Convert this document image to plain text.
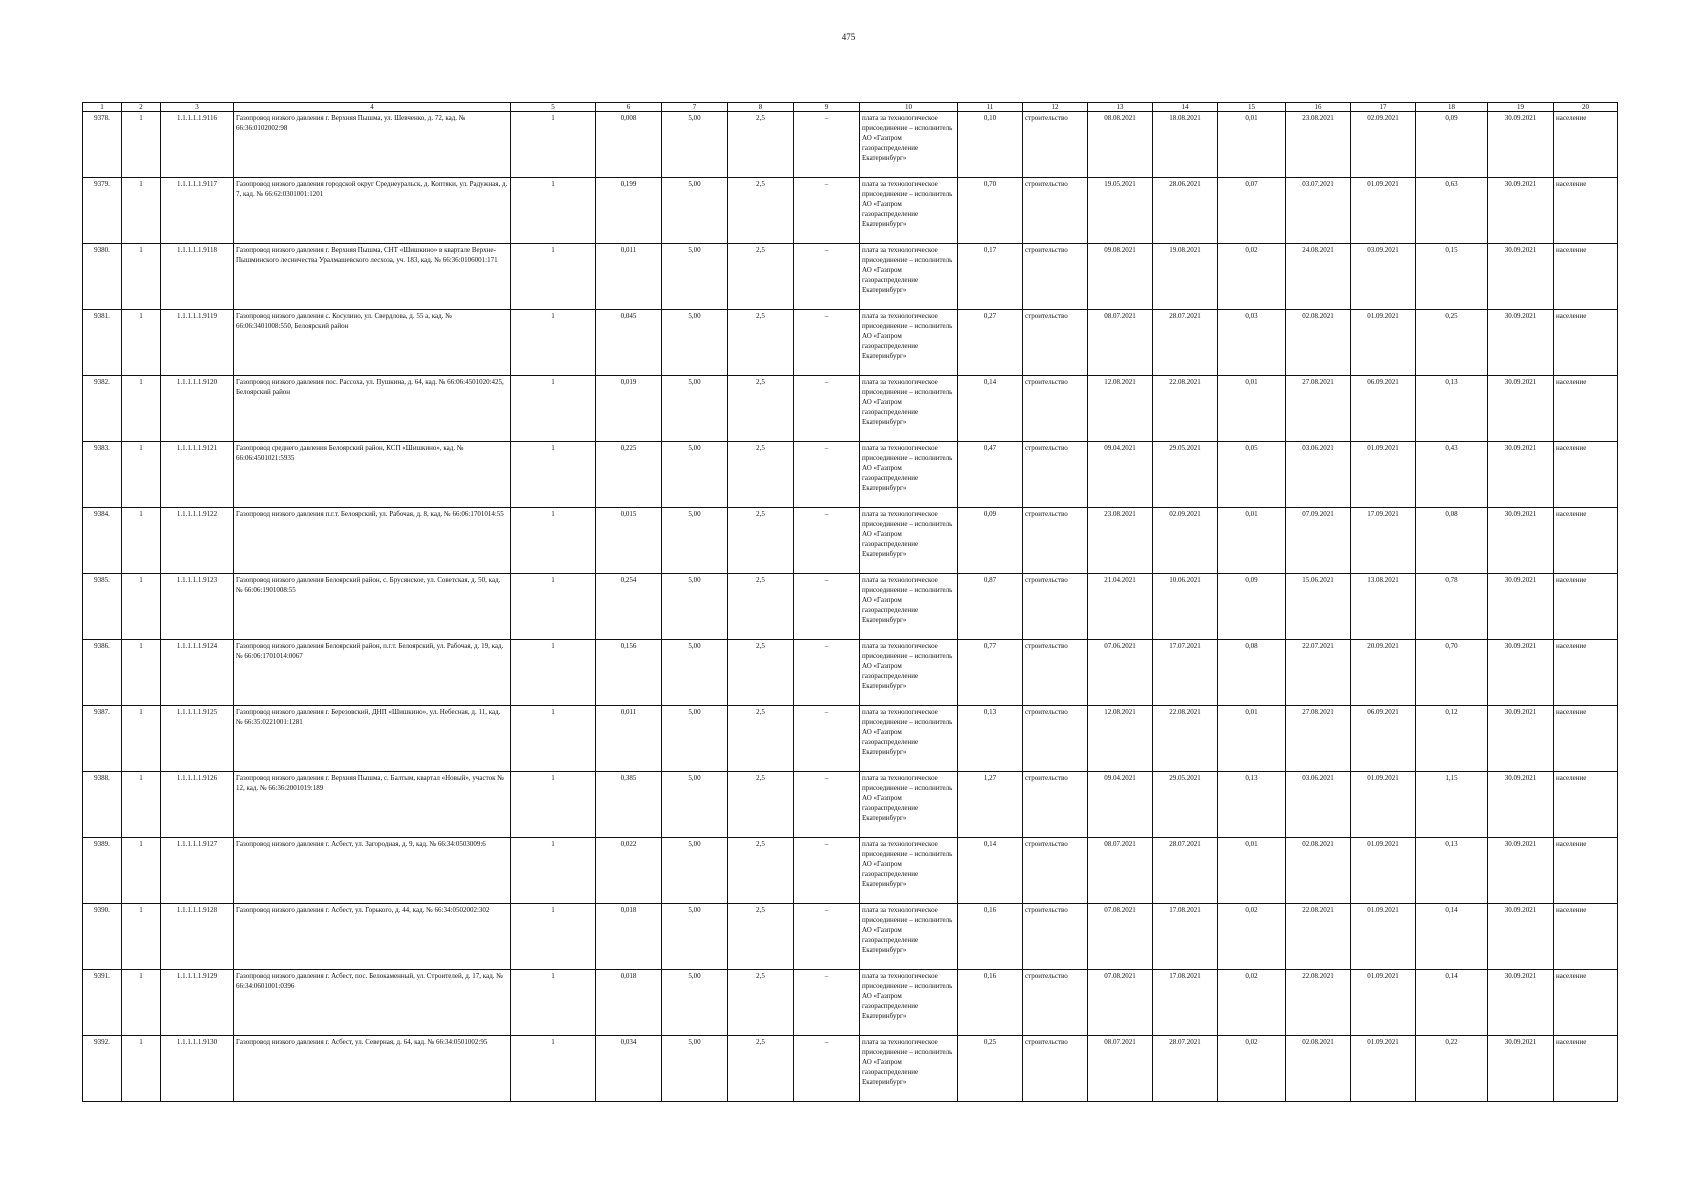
475
1	2	3	4	5	6	7	8	9	10	11	12	13	14	15	16	17	18	19	20
9378.	1	1.1.1.1.1.9116	Газопровод низкого давления г. Верхняя Пышма, ул. Шевченко, д. 72, кад. № 66:36:0102002:98	1	0,008	5,00	2,5	–	плата за технологическое присоединение – исполнитель АО «Газпром газораспределение Екатеринбург»	0,10	строительство	08.08.2021	18.08.2021	0,01	23.08.2021	02.09.2021	0,09	30.09.2021	население
9379.	1	1.1.1.1.1.9117	Газопровод низкого давления городской округ Среднеуральск, д. Коптяки, ул. Радужная, д. 7, кад. № 66:62:0301001:1201	1	0,199	5,00	2,5	–	плата за технологическое присоединение – исполнитель АО «Газпром газораспределение Екатеринбург»	0,70	строительство	19.05.2021	28.06.2021	0,07	03.07.2021	01.09.2021	0,63	30.09.2021	население
9380.	1	1.1.1.1.1.9118	Газопровод низкого давления г. Верхняя Пышма, СНТ «Шишкино» в квартале Верхне-Пышминского лесничества Уралмашевского лесхоза, уч. 183, кад. № 66:36:0106001:171	1	0,011	5,00	2,5	–	плата за технологическое присоединение – исполнитель АО «Газпром газораспределение Екатеринбург»	0,17	строительство	09.08.2021	19.08.2021	0,02	24.08.2021	03.09.2021	0,15	30.09.2021	население
9381.	1	1.1.1.1.1.9119	Газопровод низкого давления с. Косулино, ул. Свердлова, д. 55 а, кад. № 66:06:3401008:550, Белоярский район	1	0,045	5,00	2,5	–	плата за технологическое присоединение – исполнитель АО «Газпром газораспределение Екатеринбург»	0,27	строительство	08.07.2021	28.07.2021	0,03	02.08.2021	01.09.2021	0,25	30.09.2021	население
9382.	1	1.1.1.1.1.9120	Газопровод низкого давления пос. Рассоха, ул. Пушкина, д. 64, кад. № 66:06:4501020:425, Белоярский район	1	0,019	5,00	2,5	–	плата за технологическое присоединение – исполнитель АО «Газпром газораспределение Екатеринбург»	0,14	строительство	12.08.2021	22.08.2021	0,01	27.08.2021	06.09.2021	0,13	30.09.2021	население
9383.	1	1.1.1.1.1.9121	Газопровод среднего давления Белоярский район, КСП «Шишкино», кад. № 66:06:4501021:5935	1	0,225	5,00	2,5	–	плата за технологическое присоединение – исполнитель АО «Газпром газораспределение Екатеринбург»	0,47	строительство	09.04.2021	29.05.2021	0,05	03.06.2021	01.09.2021	0,43	30.09.2021	население
9384.	1	1.1.1.1.1.9122	Газопровод низкого давления п.г.т. Белоярский, ул. Рабочая, д. 8, кад. № 66:06:1701014:55	1	0,015	5,00	2,5	–	плата за технологическое присоединение – исполнитель АО «Газпром газораспределение Екатеринбург»	0,09	строительство	23.08.2021	02.09.2021	0,01	07.09.2021	17.09.2021	0,08	30.09.2021	население
9385.	1	1.1.1.1.1.9123	Газопровод низкого давления Белоярский район, с. Брусянское, ул. Советская, д. 50, кад. № 66:06:1901008:55	1	0,254	5,00	2,5	–	плата за технологическое присоединение – исполнитель АО «Газпром газораспределение Екатеринбург»	0,87	строительство	21.04.2021	10.06.2021	0,09	15.06.2021	13.08.2021	0,78	30.09.2021	население
9386.	1	1.1.1.1.1.9124	Газопровод низкого давления Белоярский район, п.г.т. Белоярский, ул. Рабочая, д. 19, кад. № 66:06:1701014:0067	1	0,156	5,00	2,5	–	плата за технологическое присоединение – исполнитель АО «Газпром газораспределение Екатеринбург»	0,77	строительство	07.06.2021	17.07.2021	0,08	22.07.2021	20.09.2021	0,70	30.09.2021	население
9387.	1	1.1.1.1.1.9125	Газопровод низкого давления г. Березовский, ДНП «Шишкино», ул. Небесная, д. 11, кад. № 66:35:0221001:1281	1	0,011	5,00	2,5	–	плата за технологическое присоединение – исполнитель АО «Газпром газораспределение Екатеринбург»	0,13	строительство	12.08.2021	22.08.2021	0,01	27.08.2021	06.09.2021	0,12	30.09.2021	население
9388.	1	1.1.1.1.1.9126	Газопровод низкого давления г. Верхняя Пышма, с. Балтым, квартал «Новый», участок № 12, кад. № 66:36:2001019:189	1	0,385	5,00	2,5	–	плата за технологическое присоединение – исполнитель АО «Газпром газораспределение Екатеринбург»	1,27	строительство	09.04.2021	29.05.2021	0,13	03.06.2021	01.09.2021	1,15	30.09.2021	население
9389.	1	1.1.1.1.1.9127	Газопровод низкого давления г. Асбест, ул. Загородная, д. 9, кад. № 66:34:0503009:6	1	0,022	5,00	2,5	–	плата за технологическое присоединение – исполнитель АО «Газпром газораспределение Екатеринбург»	0,14	строительство	08.07.2021	28.07.2021	0,01	02.08.2021	01.09.2021	0,13	30.09.2021	население
9390.	1	1.1.1.1.1.9128	Газопровод низкого давления г. Асбест, ул. Горького, д. 44, кад. № 66:34:0502002:302	1	0,018	5,00	2,5	–	плата за технологическое присоединение – исполнитель АО «Газпром газораспределение Екатеринбург»	0,16	строительство	07.08.2021	17.08.2021	0,02	22.08.2021	01.09.2021	0,14	30.09.2021	население
9391.	1	1.1.1.1.1.9129	Газопровод низкого давления г. Асбест, пос. Белокаменный, ул. Строителей, д. 17, кад. № 66:34:0601001:0396	1	0,018	5,00	2,5	–	плата за технологическое присоединение – исполнитель АО «Газпром газораспределение Екатеринбург»	0,16	строительство	07.08.2021	17.08.2021	0,02	22.08.2021	01.09.2021	0,14	30.09.2021	население
9392.	1	1.1.1.1.1.9130	Газопровод низкого давления г. Асбест, ул. Северная, д. 64, кад. № 66:34:0501002:95	1	0,034	5,00	2,5	–	плата за технологическое присоединение – исполнитель АО «Газпром газораспределение Екатеринбург»	0,25	строительство	08.07.2021	28.07.2021	0,02	02.08.2021	01.09.2021	0,22	30.09.2021	население
